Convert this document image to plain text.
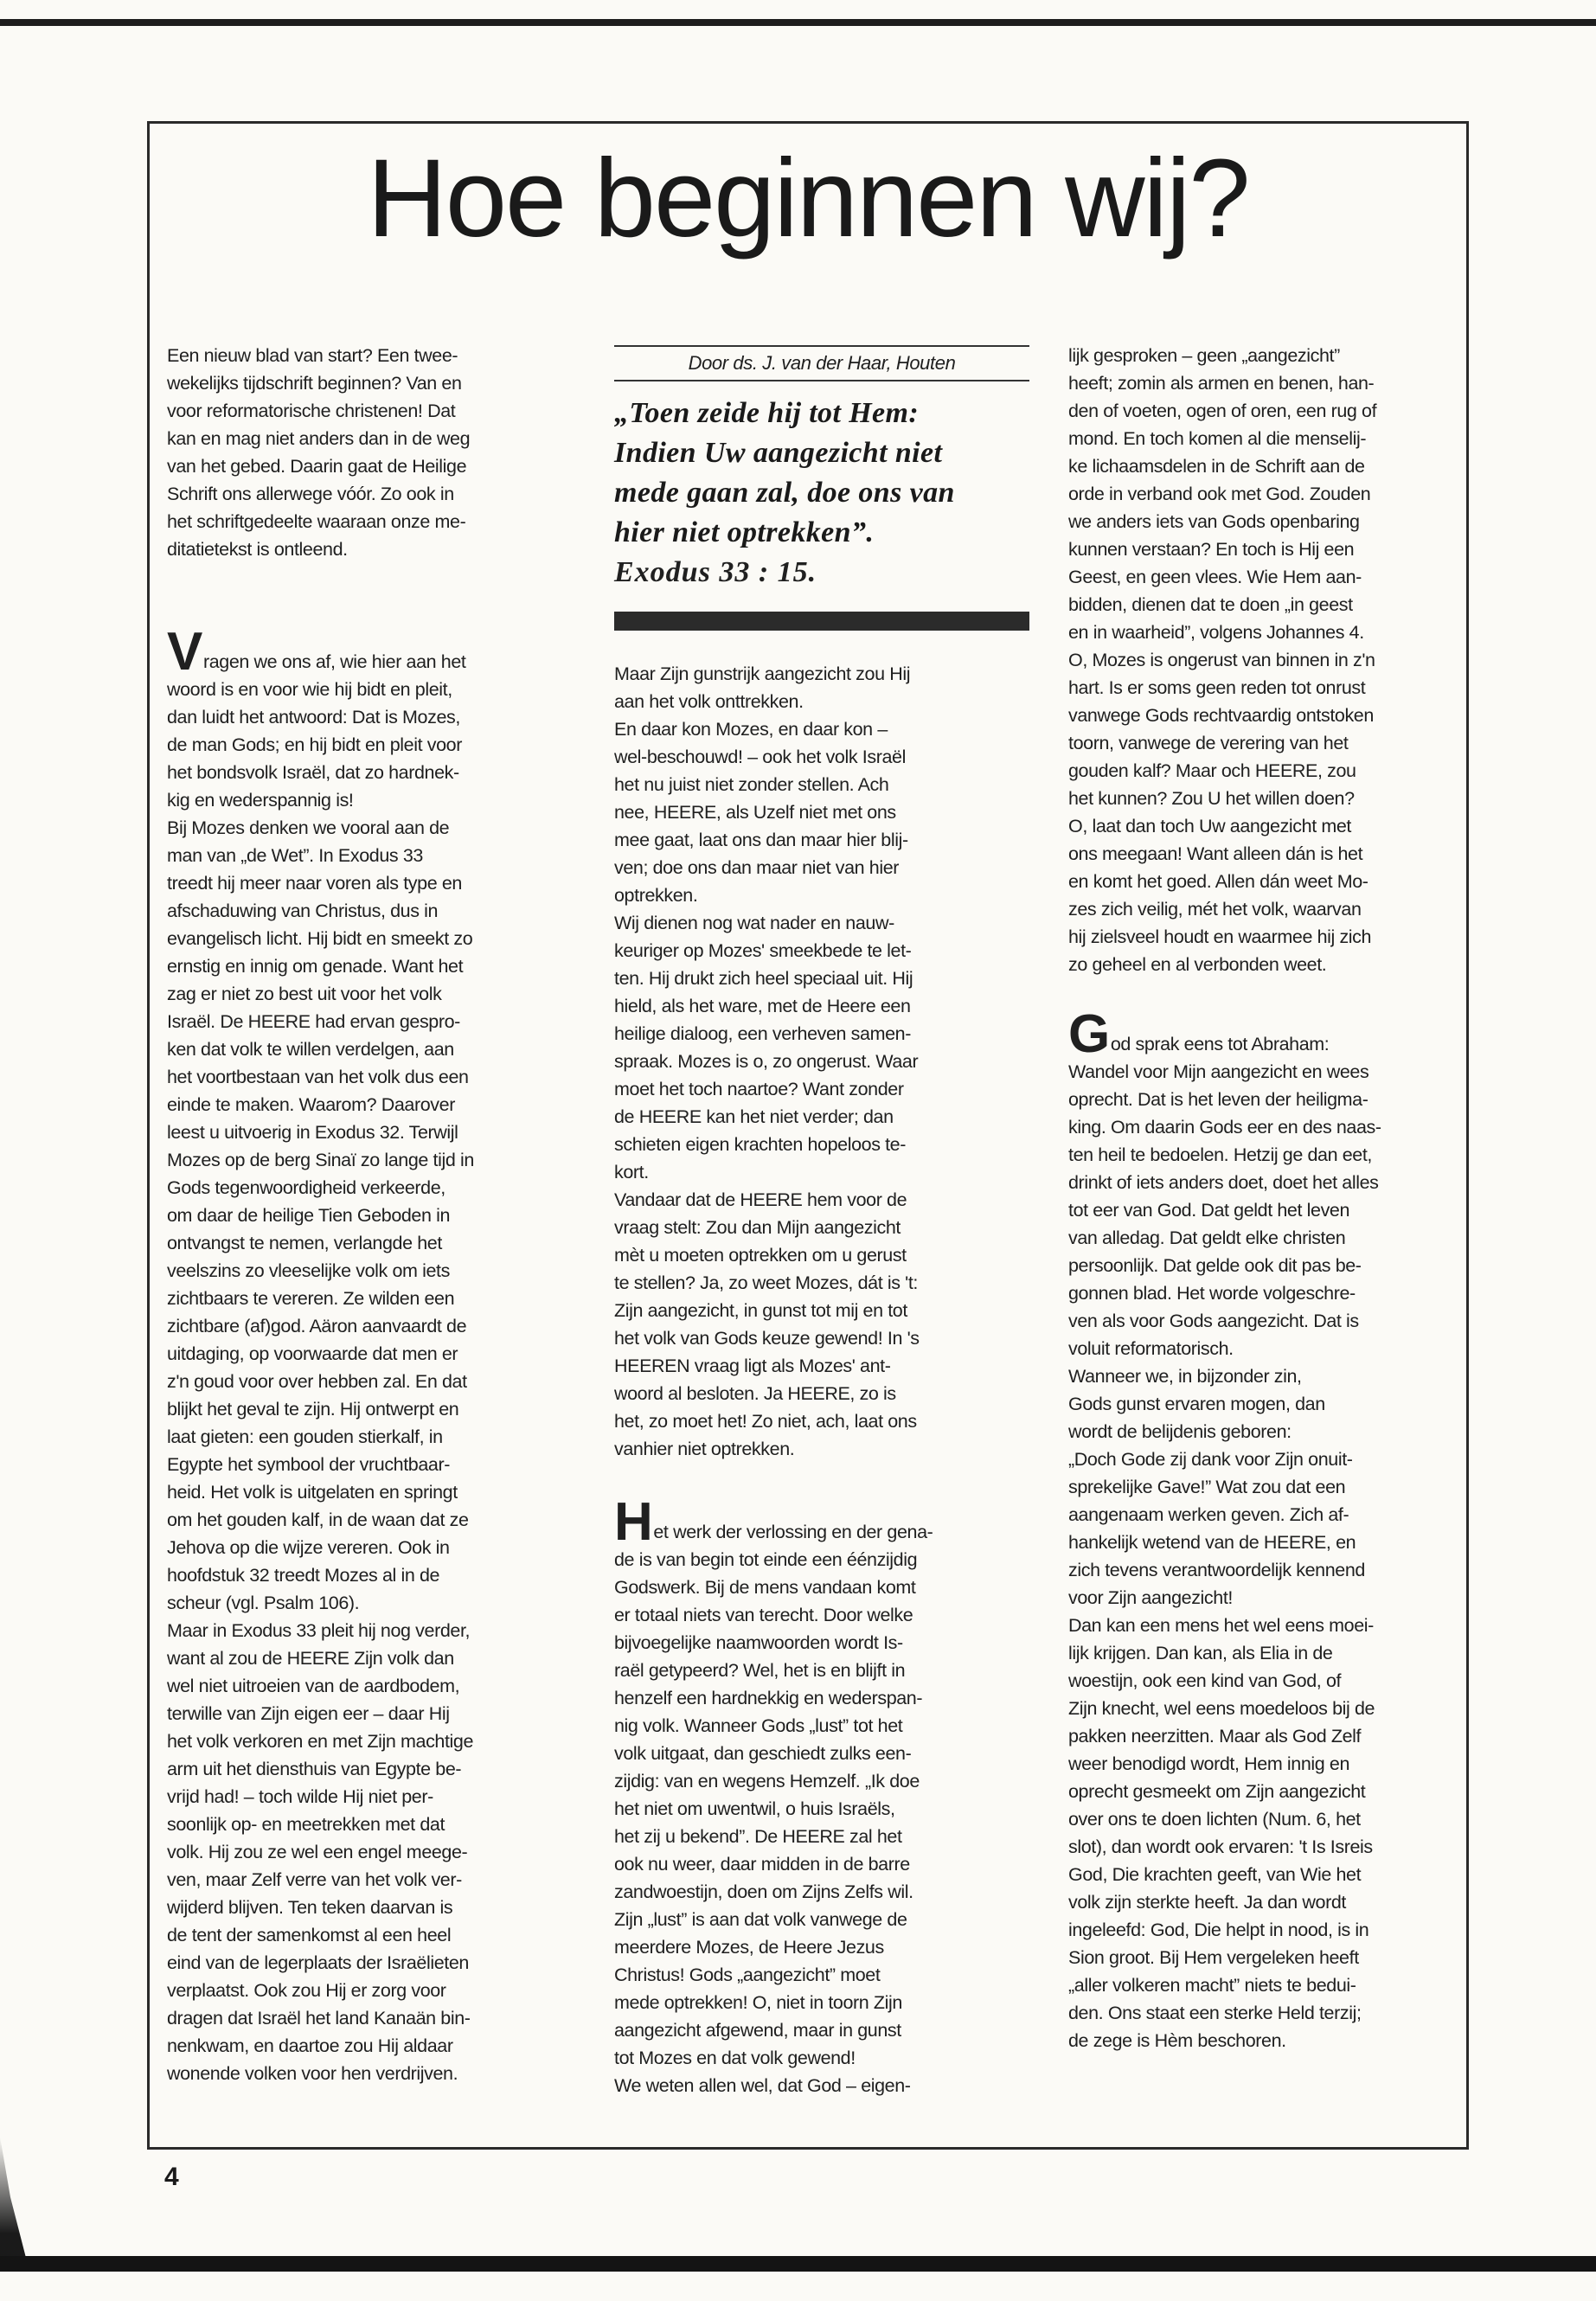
Hoe beginnen wij?

Een nieuw blad van start? Een twee-
wekelijks tijdschrift beginnen? Van en
voor reformatorische christenen! Dat
kan en mag niet anders dan in de weg
van het gebed. Daarin gaat de Heilige
Schrift ons allerwege vóór. Zo ook in
het schriftgedeelte waaraan onze me-
ditatietekst is ontleend.

Vragen we ons af, wie hier aan het
woord is en voor wie hij bidt en pleit,
dan luidt het antwoord: Dat is Mozes,
de man Gods; en hij bidt en pleit voor
het bondsvolk Israël, dat zo hardnek-
kig en wederspannig is!
Bij Mozes denken we vooral aan de
man van „de Wet”. In Exodus 33
treedt hij meer naar voren als type en
afschaduwing van Christus, dus in
evangelisch licht. Hij bidt en smeekt zo
ernstig en innig om genade. Want het
zag er niet zo best uit voor het volk
Israël. De HEERE had ervan gespro-
ken dat volk te willen verdelgen, aan
het voortbestaan van het volk dus een
einde te maken. Waarom? Daarover
leest u uitvoerig in Exodus 32. Terwijl
Mozes op de berg Sinaï zo lange tijd in
Gods tegenwoordigheid verkeerde,
om daar de heilige Tien Geboden in
ontvangst te nemen, verlangde het
veelszins zo vleeselijke volk om iets
zichtbaars te vereren. Ze wilden een
zichtbare (af)god. Aäron aanvaardt de
uitdaging, op voorwaarde dat men er
z'n goud voor over hebben zal. En dat
blijkt het geval te zijn. Hij ontwerpt en
laat gieten: een gouden stierkalf, in
Egypte het symbool der vruchtbaar-
heid. Het volk is uitgelaten en springt
om het gouden kalf, in de waan dat ze
Jehova op die wijze vereren. Ook in
hoofdstuk 32 treedt Mozes al in de
scheur (vgl. Psalm 106).
Maar in Exodus 33 pleit hij nog verder,
want al zou de HEERE Zijn volk dan
wel niet uitroeien van de aardbodem,
terwille van Zijn eigen eer – daar Hij
het volk verkoren en met Zijn machtige
arm uit het diensthuis van Egypte be-
vrijd had! – toch wilde Hij niet per-
soonlijk op- en meetrekken met dat
volk. Hij zou ze wel een engel meege-
ven, maar Zelf verre van het volk ver-
wijderd blijven. Ten teken daarvan is
de tent der samenkomst al een heel
eind van de legerplaats der Israëlieten
verplaatst. Ook zou Hij er zorg voor
dragen dat Israël het land Kanaän bin-
nenkwam, en daartoe zou Hij aldaar
wonende volken voor hen verdrijven.

Door ds. J. van der Haar, Houten

„Toen zeide hij tot Hem:
Indien Uw aangezicht niet
mede gaan zal, doe ons van
hier niet optrekken”.

Exodus 33 : 15.

Maar Zijn gunstrijk aangezicht zou Hij
aan het volk onttrekken.
En daar kon Mozes, en daar kon –
wel-beschouwd! – ook het volk Israël
het nu juist niet zonder stellen. Ach
nee, HEERE, als Uzelf niet met ons
mee gaat, laat ons dan maar hier blij-
ven; doe ons dan maar niet van hier
optrekken.
Wij dienen nog wat nader en nauw-
keuriger op Mozes' smeekbede te let-
ten. Hij drukt zich heel speciaal uit. Hij
hield, als het ware, met de Heere een
heilige dialoog, een verheven samen-
spraak. Mozes is o, zo ongerust. Waar
moet het toch naartoe? Want zonder
de HEERE kan het niet verder; dan
schieten eigen krachten hopeloos te-
kort.
Vandaar dat de HEERE hem voor de
vraag stelt: Zou dan Mijn aangezicht
mèt u moeten optrekken om u gerust
te stellen? Ja, zo weet Mozes, dát is 't:
Zijn aangezicht, in gunst tot mij en tot
het volk van Gods keuze gewend! In 's
HEEREN vraag ligt als Mozes' ant-
woord al besloten. Ja HEERE, zo is
het, zo moet het! Zo niet, ach, laat ons
vanhier niet optrekken.

Het werk der verlossing en der gena-
de is van begin tot einde een éénzijdig
Godswerk. Bij de mens vandaan komt
er totaal niets van terecht. Door welke
bijvoegelijke naamwoorden wordt Is-
raël getypeerd? Wel, het is en blijft in
henzelf een hardnekkig en wederspan-
nig volk. Wanneer Gods „lust” tot het
volk uitgaat, dan geschiedt zulks een-
zijdig: van en wegens Hemzelf. „Ik doe
het niet om uwentwil, o huis Israëls,
het zij u bekend”. De HEERE zal het
ook nu weer, daar midden in de barre
zandwoestijn, doen om Zijns Zelfs wil.
Zijn „lust” is aan dat volk vanwege de
meerdere Mozes, de Heere Jezus
Christus! Gods „aangezicht” moet
mede optrekken! O, niet in toorn Zijn
aangezicht afgewend, maar in gunst
tot Mozes en dat volk gewend!
We weten allen wel, dat God – eigen-

lijk gesproken – geen „aangezicht”
heeft; zomin als armen en benen, han-
den of voeten, ogen of oren, een rug of
mond. En toch komen al die menselij-
ke lichaamsdelen in de Schrift aan de
orde in verband ook met God. Zouden
we anders iets van Gods openbaring
kunnen verstaan? En toch is Hij een
Geest, en geen vlees. Wie Hem aan-
bidden, dienen dat te doen „in geest
en in waarheid”, volgens Johannes 4.
O, Mozes is ongerust van binnen in z'n
hart. Is er soms geen reden tot onrust
vanwege Gods rechtvaardig ontstoken
toorn, vanwege de verering van het
gouden kalf? Maar och HEERE, zou
het kunnen? Zou U het willen doen?
O, laat dan toch Uw aangezicht met
ons meegaan! Want alleen dán is het
en komt het goed. Allen dán weet Mo-
zes zich veilig, mét het volk, waarvan
hij zielsveel houdt en waarmee hij zich
zo geheel en al verbonden weet.

God sprak eens tot Abraham:
Wandel voor Mijn aangezicht en wees
oprecht. Dat is het leven der heiligma-
king. Om daarin Gods eer en des naas-
ten heil te bedoelen. Hetzij ge dan eet,
drinkt of iets anders doet, doet het alles
tot eer van God. Dat geldt het leven
van alledag. Dat geldt elke christen
persoonlijk. Dat gelde ook dit pas be-
gonnen blad. Het worde volgeschre-
ven als voor Gods aangezicht. Dat is
voluit reformatorisch.
Wanneer we, in bijzonder zin,
Gods gunst ervaren mogen, dan
wordt de belijdenis geboren:
„Doch Gode zij dank voor Zijn onuit-
sprekelijke Gave!” Wat zou dat een
aangenaam werken geven. Zich af-
hankelijk wetend van de HEERE, en
zich tevens verantwoordelijk kennend
voor Zijn aangezicht!
Dan kan een mens het wel eens moei-
lijk krijgen. Dan kan, als Elia in de
woestijn, ook een kind van God, of
Zijn knecht, wel eens moedeloos bij de
pakken neerzitten. Maar als God Zelf
weer benodigd wordt, Hem innig en
oprecht gesmeekt om Zijn aangezicht
over ons te doen lichten (Num. 6, het
slot), dan wordt ook ervaren: 't Is Isreis
God, Die krachten geeft, van Wie het
volk zijn sterkte heeft. Ja dan wordt
ingeleefd: God, Die helpt in nood, is in
Sion groot. Bij Hem vergeleken heeft
„aller volkeren macht” niets te bedui-
den. Ons staat een sterke Held terzij;
de zege is Hèm beschoren.

4
